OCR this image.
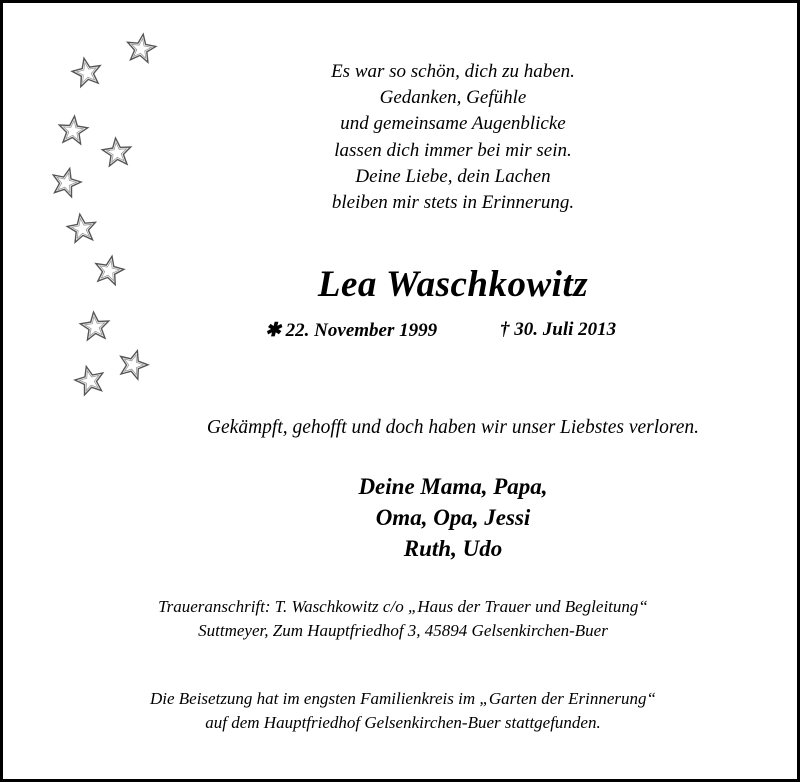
Es war so schön, dich zu haben.
Gedanken, Gefühle
und gemeinsame Augenblicke
lassen dich immer bei mir sein.
Deine Liebe, dein Lachen
bleiben mir stets in Erinnerung.
Lea Waschkowitz
✱ 22. November 1999	† 30. Juli 2013
Gekämpft, gehofft und doch haben wir unser Liebstes verloren.
Deine Mama, Papa,
Oma, Opa, Jessi
Ruth, Udo
Traueranschrift: T. Waschkowitz c/o „Haus der Trauer und Begleitung“
Suttmeyer, Zum Hauptfriedhof 3, 45894 Gelsenkirchen-Buer
Die Beisetzung hat im engsten Familienkreis im „Garten der Erinnerung“
auf dem Hauptfriedhof Gelsenkirchen-Buer stattgefunden.
